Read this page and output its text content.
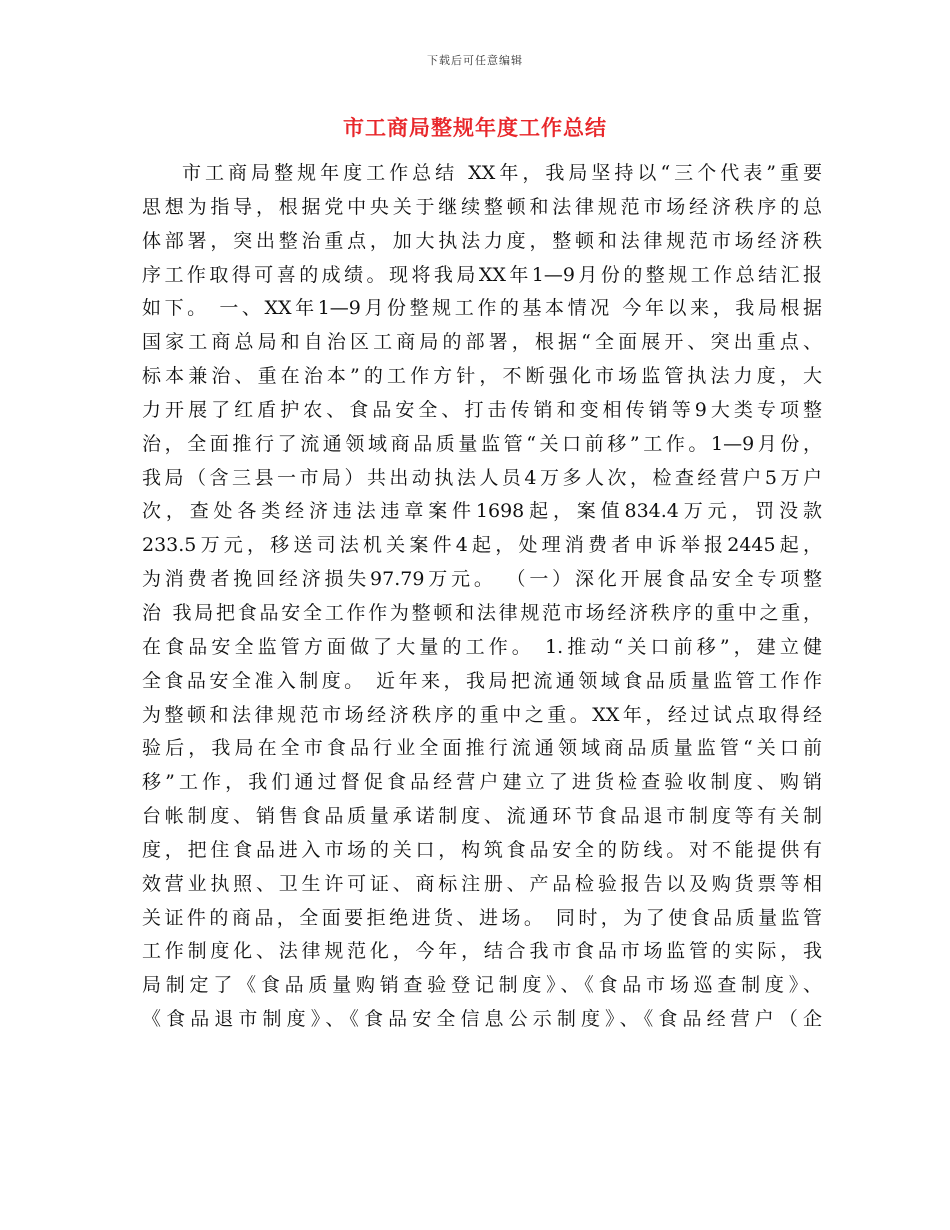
下载后可任意编辑
市工商局整规年度工作总结
市工商局整规年度工作总结 XX年，我局坚持以“三个代表”重要
思想为指导，根据党中央关于继续整顿和法律规范市场经济秩序的总
体部署，突出整治重点，加大执法力度，整顿和法律规范市场经济秩
序工作取得可喜的成绩。现将我局XX年1—9月份的整规工作总结汇报
如下。 一、XX年1—9月份整规工作的基本情况 今年以来，我局根据
国家工商总局和自治区工商局的部署，根据“全面展开、突出重点、
标本兼治、重在治本”的工作方针，不断强化市场监管执法力度，大
力开展了红盾护农、食品安全、打击传销和变相传销等9大类专项整
治，全面推行了流通领域商品质量监管“关口前移”工作。1—9月份，
我局（含三县一市局）共出动执法人员4万多人次，检查经营户5万户
次，查处各类经济违法违章案件1698起，案值834.4万元，罚没款
233.5万元，移送司法机关案件4起，处理消费者申诉举报2445起，
为消费者挽回经济损失97.79万元。 （一）深化开展食品安全专项整
治 我局把食品安全工作作为整顿和法律规范市场经济秩序的重中之重，
在食品安全监管方面做了大量的工作。 1.推动“关口前移”，建立健
全食品安全准入制度。 近年来，我局把流通领域食品质量监管工作作
为整顿和法律规范市场经济秩序的重中之重。XX年，经过试点取得经
验后，我局在全市食品行业全面推行流通领域商品质量监管“关口前
移”工作，我们通过督促食品经营户建立了进货检查验收制度、购销
台帐制度、销售食品质量承诺制度、流通环节食品退市制度等有关制
度，把住食品进入市场的关口，构筑食品安全的防线。对不能提供有
效营业执照、卫生许可证、商标注册、产品检验报告以及购货票等相
关证件的商品，全面要拒绝进货、进场。 同时，为了使食品质量监管
工作制度化、法律规范化，今年，结合我市食品市场监管的实际，我
局制定了《食品质量购销查验登记制度》、《食品市场巡查制度》、
《食品退市制度》、《食品安全信息公示制度》、《食品经营户（企
